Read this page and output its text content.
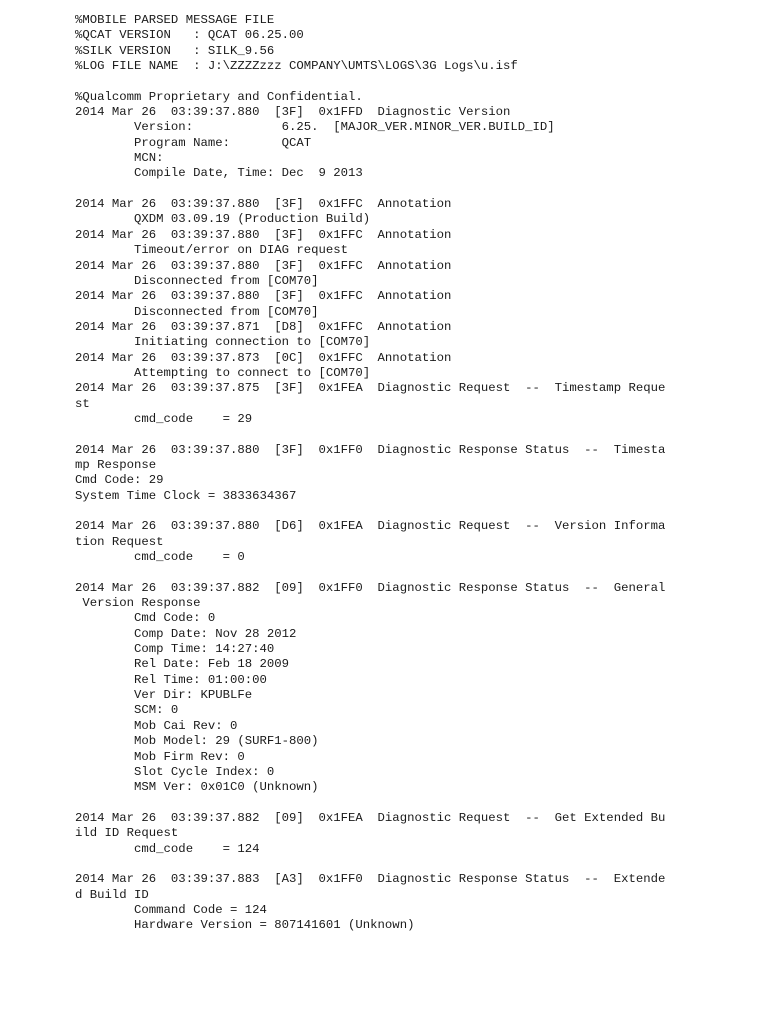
%MOBILE PARSED MESSAGE FILE
%QCAT VERSION   : QCAT 06.25.00
%SILK VERSION   : SILK_9.56
%LOG FILE NAME  : J:\ZZZZzzz COMPANY\UMTS\LOGS\3G Logs\u.isf
%Qualcomm Proprietary and Confidential.
2014 Mar 26  03:39:37.880  [3F]  0x1FFD  Diagnostic Version
Version:            6.25.  [MAJOR_VER.MINOR_VER.BUILD_ID]
Program Name:       QCAT
MCN:
Compile Date, Time: Dec  9 2013
2014 Mar 26  03:39:37.880  [3F]  0x1FFC  Annotation
QXDM 03.09.19 (Production Build)
2014 Mar 26  03:39:37.880  [3F]  0x1FFC  Annotation
Timeout/error on DIAG request
2014 Mar 26  03:39:37.880  [3F]  0x1FFC  Annotation
Disconnected from [COM70]
2014 Mar 26  03:39:37.880  [3F]  0x1FFC  Annotation
Disconnected from [COM70]
2014 Mar 26  03:39:37.871  [D8]  0x1FFC  Annotation
Initiating connection to [COM70]
2014 Mar 26  03:39:37.873  [0C]  0x1FFC  Annotation
Attempting to connect to [COM70]
2014 Mar 26  03:39:37.875  [3F]  0x1FEA  Diagnostic Request  --  Timestamp Reque
st
cmd_code    = 29
2014 Mar 26  03:39:37.880  [3F]  0x1FF0  Diagnostic Response Status  --  Timesta
mp Response
Cmd Code: 29
System Time Clock = 3833634367
2014 Mar 26  03:39:37.880  [D6]  0x1FEA  Diagnostic Request  --  Version Informa
tion Request
cmd_code    = 0
2014 Mar 26  03:39:37.882  [09]  0x1FF0  Diagnostic Response Status  --  General
Version Response
Cmd Code: 0
Comp Date: Nov 28 2012
Comp Time: 14:27:40
Rel Date: Feb 18 2009
Rel Time: 01:00:00
Ver Dir: KPUBLFe
SCM: 0
Mob Cai Rev: 0
Mob Model: 29 (SURF1-800)
Mob Firm Rev: 0
Slot Cycle Index: 0
MSM Ver: 0x01C0 (Unknown)
2014 Mar 26  03:39:37.882  [09]  0x1FEA  Diagnostic Request  --  Get Extended Bu
ild ID Request
cmd_code    = 124
2014 Mar 26  03:39:37.883  [A3]  0x1FF0  Diagnostic Response Status  --  Extende
d Build ID
Command Code = 124
Hardware Version = 807141601 (Unknown)
